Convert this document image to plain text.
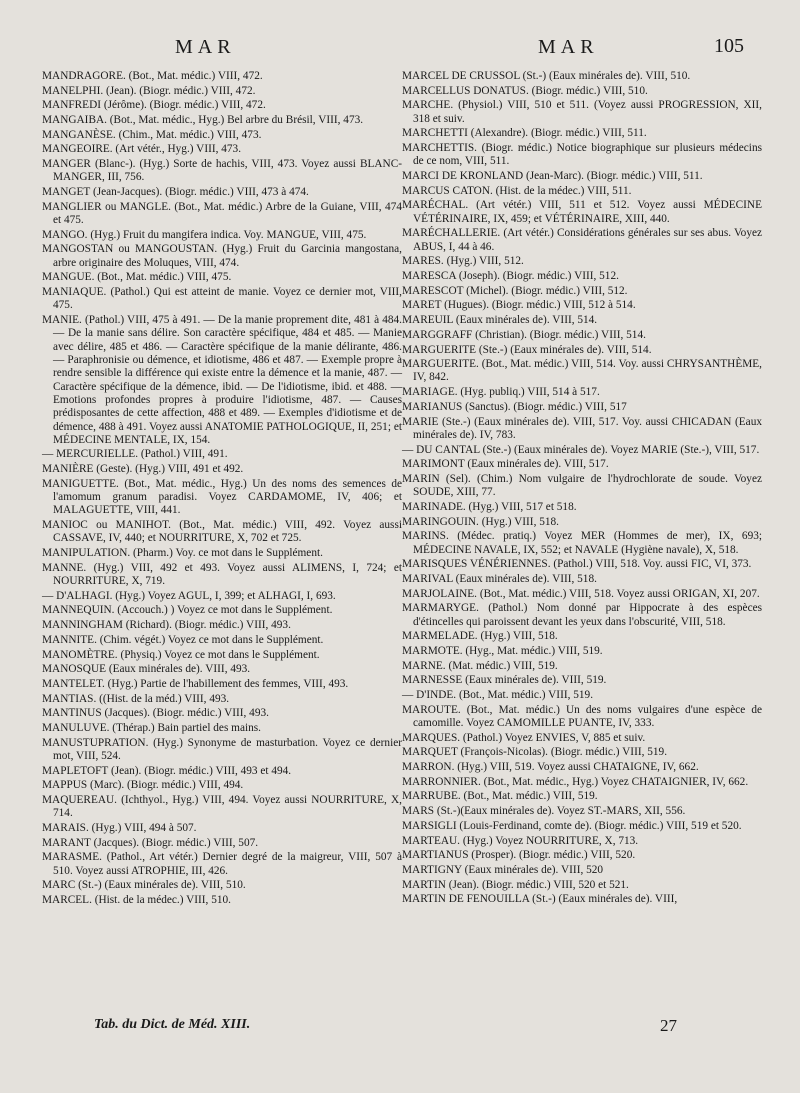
MAR	MAR	105

MANDRAGORE. (Bot., Mat. médic.) VIII, 472.

MANELPHI. (Jean). (Biogr. médic.) VIII, 472.

MANFREDI (Jérôme). (Biogr. médic.) VIII, 472.

MANGAIBA. (Bot., Mat. médic., Hyg.) Bel arbre du Brésil, VIII, 473.

MANGANÈSE. (Chim., Mat. médic.) VIII, 473.

MANGEOIRE. (Art vétér., Hyg.) VIII, 473.

MANGER (Blanc-). (Hyg.) Sorte de hachis, VIII, 473. Voyez aussi BLANC-MANGER, III, 756.

MANGET (Jean-Jacques). (Biogr. médic.) VIII, 473 à 474.

MANGLIER ou MANGLE. (Bot., Mat. médic.) Arbre de la Guiane, VIII, 474 et 475.

MANGO. (Hyg.) Fruit du mangifera indica. Voy. MANGUE, VIII, 475.

MANGOSTAN ou MANGOUSTAN. (Hyg.) Fruit du Garcinia mangostana, arbre originaire des Moluques, VIII, 474.

MANGUE. (Bot., Mat. médic.) VIII, 475.

MANIAQUE. (Pathol.) Qui est atteint de manie. Voyez ce dernier mot, VIII, 475.

MANIE. (Pathol.) VIII, 475 à 491. — De la manie proprement dite, 481 à 484. — De la manie sans délire. Son caractère spécifique, 484 et 485. — Manie avec délire, 485 et 486. — Caractère spécifique de la manie délirante, 486. — Paraphronisie ou démence, et idiotisme, 486 et 487. — Exemple propre à rendre sensible la différence qui existe entre la démence et la manie, 487. — Caractère spécifique de la démence, ibid. — De l'idiotisme, ibid. et 488. — Emotions profondes propres à produire l'idiotisme, 487. — Causes prédisposantes de cette affection, 488 et 489. — Exemples d'idiotisme et de démence, 488 à 491. Voyez aussi ANATOMIE PATHOLOGIQUE, II, 251; et MÉDECINE MENTALE, IX, 154.

— MERCURIELLE. (Pathol.) VIII, 491.

MANIÈRE (Geste). (Hyg.) VIII, 491 et 492.

MANIGUETTE. (Bot., Mat. médic., Hyg.) Un des noms des semences de l'amomum granum paradisi. Voyez CARDAMOME, IV, 406; et MALAGUETTE, VIII, 441.

MANIOC ou MANIHOT. (Bot., Mat. médic.) VIII, 492. Voyez aussi CASSAVE, IV, 440; et NOURRITURE, X, 702 et 725.

MANIPULATION. (Pharm.) Voy. ce mot dans le Supplément.

MANNE. (Hyg.) VIII, 492 et 493. Voyez aussi ALIMENS, I, 724; et NOURRITURE, X, 719.

— D'ALHAGI. (Hyg.) Voyez AGUL, I, 399; et ALHAGI, I, 693.

MANNEQUIN. (Accouch.) ) Voyez ce mot dans le Supplément.

MANNINGHAM (Richard). (Biogr. médic.) VIII, 493.

MANNITE. (Chim. végét.) Voyez ce mot dans le Supplément.

MANOMÈTRE. (Physiq.) Voyez ce mot dans le Supplément.

MANOSQUE (Eaux minérales de). VIII, 493.

MANTELET. (Hyg.) Partie de l'habillement des femmes, VIII, 493.

MANTIAS. ((Hist. de la méd.) VIII, 493.

MANTINUS (Jacques). (Biogr. médic.) VIII, 493.

MANULUVE. (Thérap.) Bain partiel des mains.

MANUSTUPRATION. (Hyg.) Synonyme de masturbation. Voyez ce dernier mot, VIII, 524.

MAPLETOFT (Jean). (Biogr. médic.) VIII, 493 et 494.

MAPPUS (Marc). (Biogr. médic.) VIII, 494.

MAQUEREAU. (Ichthyol., Hyg.) VIII, 494. Voyez aussi NOURRITURE, X, 714.

MARAIS. (Hyg.) VIII, 494 à 507.

MARANT (Jacques). (Biogr. médic.) VIII, 507.

MARASME. (Pathol., Art vétér.) Dernier degré de la maigreur, VIII, 507 à 510. Voyez aussi ATROPHIE, III, 426.

MARC (St.-) (Eaux minérales de). VIII, 510.

MARCEL. (Hist. de la médec.) VIII, 510.

MARCEL DE CRUSSOL (St.-) (Eaux minérales de). VIII, 510.

MARCELLUS DONATUS. (Biogr. médic.) VIII, 510.

MARCHE. (Physiol.) VIII, 510 et 511. (Voyez aussi PROGRESSION, XII, 318 et suiv.

MARCHETTI (Alexandre). (Biogr. médic.) VIII, 511.

MARCHETTIS. (Biogr. médic.) Notice biographique sur plusieurs médecins de ce nom, VIII, 511.

MARCI DE KRONLAND (Jean-Marc). (Biogr. médic.) VIII, 511.

MARCUS CATON. (Hist. de la médec.) VIII, 511.

MARÉCHAL. (Art vétér.) VIII, 511 et 512. Voyez aussi MÉDECINE VÉTÉRINAIRE, IX, 459; et VÉTÉRINAIRE, XIII, 440.

MARÉCHALLERIE. (Art vétér.) Considérations générales sur ses abus. Voyez ABUS, I, 44 à 46.

MARES. (Hyg.) VIII, 512.

MARESCA (Joseph). (Biogr. médic.) VIII, 512.

MARESCOT (Michel). (Biogr. médic.) VIII, 512.

MARET (Hugues). (Biogr. médic.) VIII, 512 à 514.

MAREUIL (Eaux minérales de). VIII, 514.

MARGGRAFF (Christian). (Biogr. médic.) VIII, 514.

MARGUERITE (Ste.-) (Eaux minérales de). VIII, 514.

MARGUERITE. (Bot., Mat. médic.) VIII, 514. Voy. aussi CHRYSANTHÈME, IV, 842.

MARIAGE. (Hyg. publiq.) VIII, 514 à 517.

MARIANUS (Sanctus). (Biogr. médic.) VIII, 517

MARIE (Ste.-) (Eaux minérales de). VIII, 517. Voy. aussi CHICADAN (Eaux minérales de). IV, 783.

— DU CANTAL (Ste.-) (Eaux minérales de). Voyez MARIE (Ste.-), VIII, 517.

MARIMONT (Eaux minérales de). VIII, 517.

MARIN (Sel). (Chim.) Nom vulgaire de l'hydrochlorate de soude. Voyez SOUDE, XIII, 77.

MARINADE. (Hyg.) VIII, 517 et 518.

MARINGOUIN. (Hyg.) VIII, 518.

MARINS. (Médec. pratiq.) Voyez MER (Hommes de mer), IX, 693; MÉDECINE NAVALE, IX, 552; et NAVALE (Hygiène navale), X, 518.

MARISQUES VÉNÉRIENNES. (Pathol.) VIII, 518. Voy. aussi FIC, VI, 373.

MARIVAL (Eaux minérales de). VIII, 518.

MARJOLAINE. (Bot., Mat. médic.) VIII, 518. Voyez aussi ORIGAN, XI, 207.

MARMARYGE. (Pathol.) Nom donné par Hippocrate à des espèces d'étincelles qui paroissent devant les yeux dans l'obscurité, VIII, 518.

MARMELADE. (Hyg.) VIII, 518.

MARMOTE. (Hyg., Mat. médic.) VIII, 519.

MARNE. (Mat. médic.) VIII, 519.

MARNESSE (Eaux minérales de). VIII, 519.

— D'INDE. (Bot., Mat. médic.) VIII, 519.

MAROUTE. (Bot., Mat. médic.) Un des noms vulgaires d'une espèce de camomille. Voyez CAMOMILLE PUANTE, IV, 333.

MARQUES. (Pathol.) Voyez ENVIES, V, 885 et suiv.

MARQUET (François-Nicolas). (Biogr. médic.) VIII, 519.

MARRON. (Hyg.) VIII, 519. Voyez aussi CHATAIGNE, IV, 662.

MARRONNIER. (Bot., Mat. médic., Hyg.) Voyez CHATAIGNIER, IV, 662.

MARRUBE. (Bot., Mat. médic.) VIII, 519.

MARS (St.-)(Eaux minérales de). Voyez ST.-MARS, XII, 556.

MARSIGLI (Louis-Ferdinand, comte de). (Biogr. médic.) VIII, 519 et 520.

MARTEAU. (Hyg.) Voyez NOURRITURE, X, 713.

MARTIANUS (Prosper). (Biogr. médic.) VIII, 520.

MARTIGNY (Eaux minérales de). VIII, 520

MARTIN (Jean). (Biogr. médic.) VIII, 520 et 521.

MARTIN DE FENOUILLA (St.-) (Eaux minérales de). VIII,

Tab. du Dict. de Méd. XIII.	27
